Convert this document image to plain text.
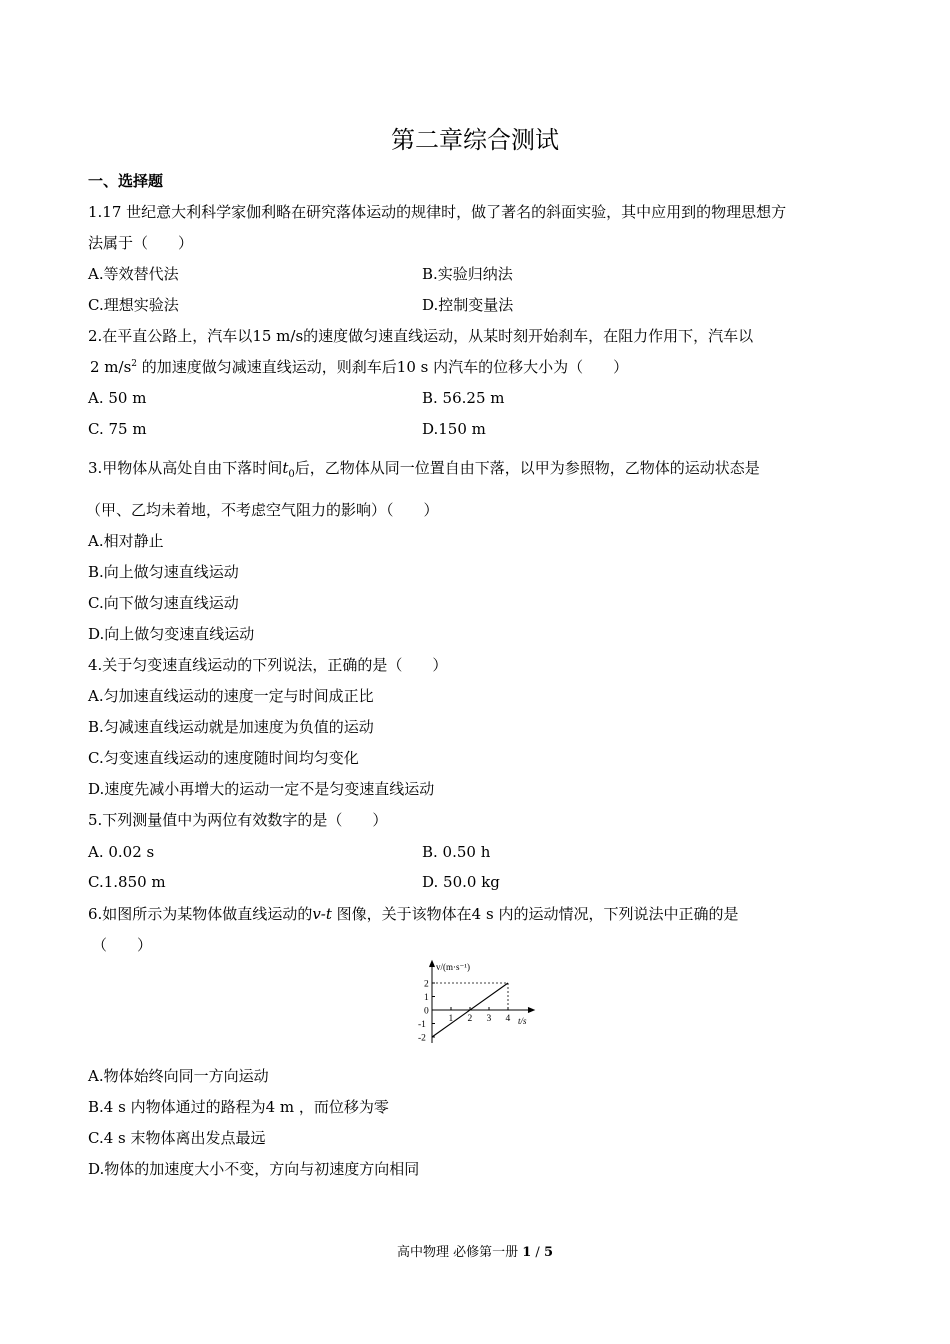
第二章综合测试
一、选择题
1.17 世纪意大利科学家伽利略在研究落体运动的规律时，做了著名的斜面实验，其中应用到的物理思想方
法属于（　　）
A.等效替代法	B.实验归纳法
C.理想实验法	D.控制变量法
2.在平直公路上，汽车以15 m/s的速度做匀速直线运动，从某时刻开始刹车，在阻力作用下，汽车以
2 $m/s^2$ 的加速度做匀减速直线运动，则刹车后10 s 内汽车的位移大小为（　　）
A. 50 m	B. 56.25 m
C. 75 m	D.150 m
3.甲物体从高处自由下落时间$t_0$后，乙物体从同一位置自由下落，以甲为参照物，乙物体的运动状态是
（甲、乙均未着地，不考虑空气阻力的影响）（　　）
A.相对静止
B.向上做匀速直线运动
C.向下做匀速直线运动
D.向上做匀变速直线运动
4.关于匀变速直线运动的下列说法，正确的是（　　）
A.匀加速直线运动的速度一定与时间成正比
B.匀减速直线运动就是加速度为负值的运动
C.匀变速直线运动的速度随时间均匀变化
D.速度先减小再增大的运动一定不是匀变速直线运动
5.下列测量值中为两位有效数字的是（　　）
A. 0.02 s	B. 0.50 h
C.1.850 m	D. 50.0 kg
6.如图所示为某物体做直线运动的v-t 图像，关于该物体在4 s 内的运动情况，下列说法中正确的是
（　　）
v/(m·s⁻¹)
t/s
1 2 3 4
2
1
0
-1
-2
A.物体始终向同一方向运动
B.4 s 内物体通过的路程为4 m ，而位移为零
C.4 s 末物体离出发点最远
D.物体的加速度大小不变，方向与初速度方向相同
高中物理 必修第一册 1 / 5
